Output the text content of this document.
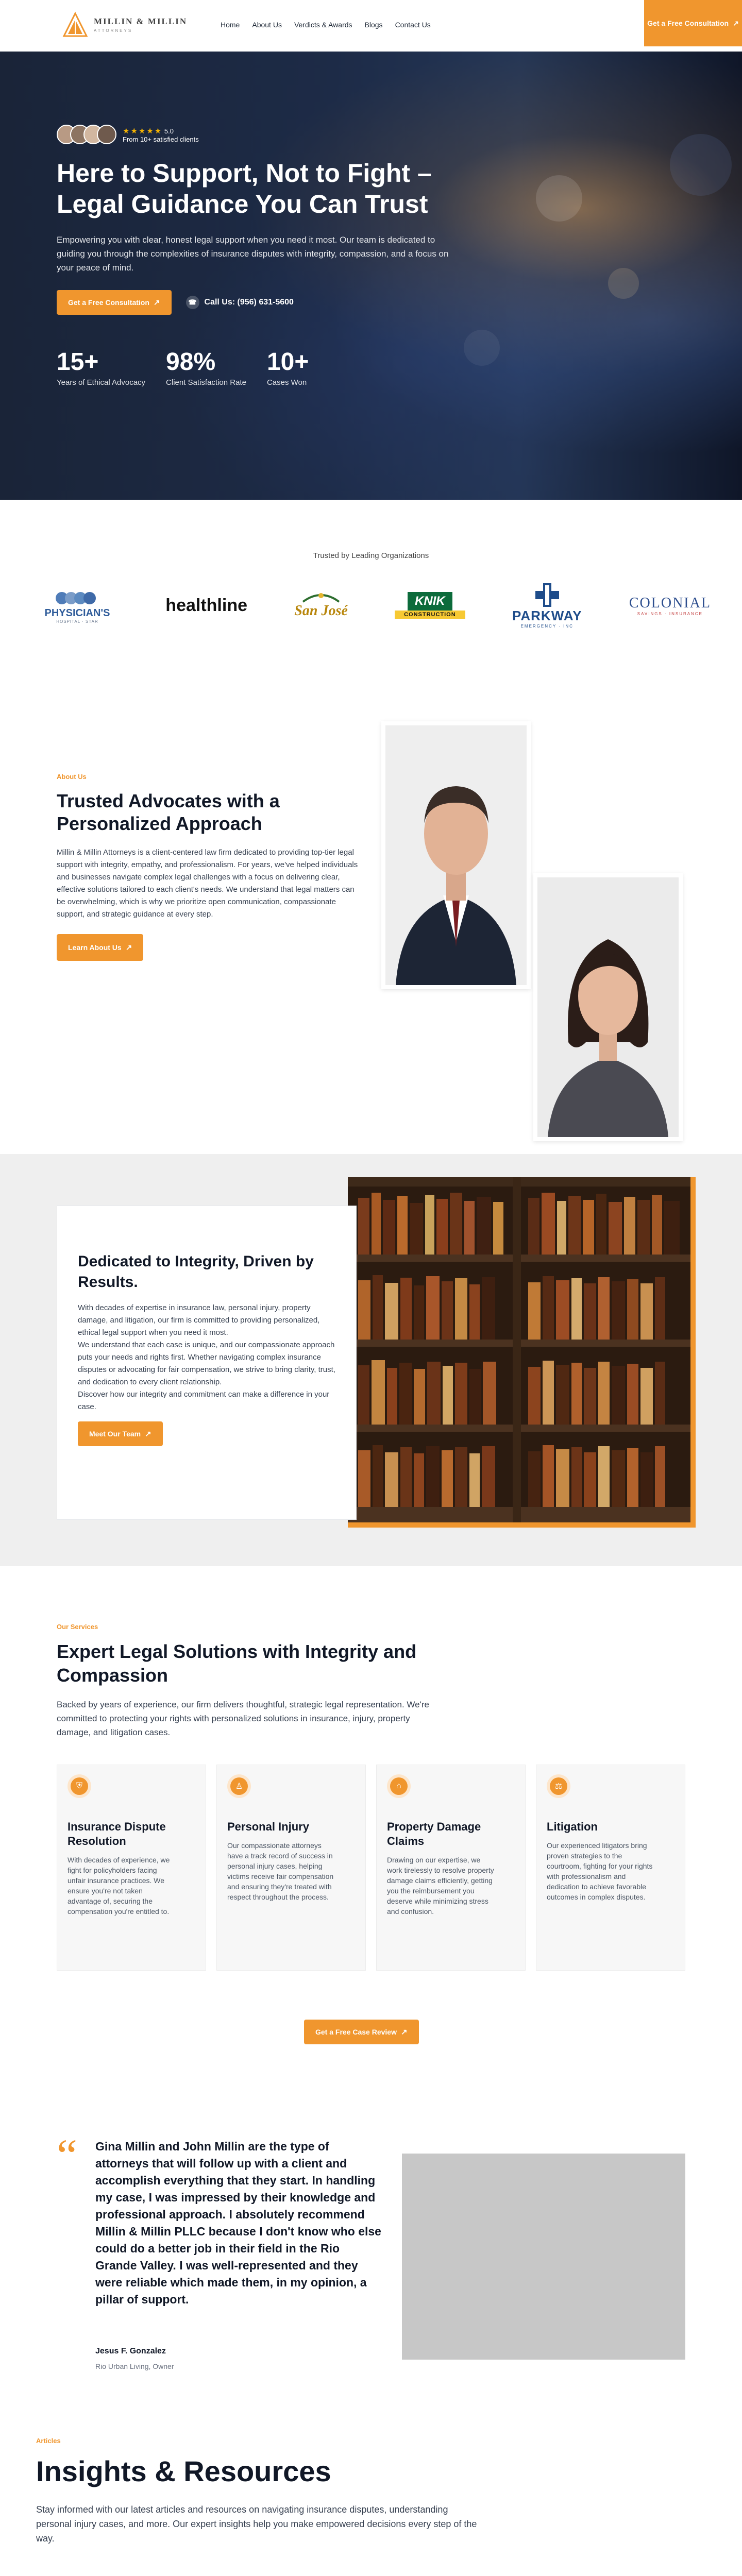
MILLIN & MILLIN
ATTORNEYS
Home About Us Verdicts & Awards Blogs Contact Us	Get a Free Consultation ↗
★★★★★ 5.0
From 10+ satisfied clients
Here to Support, Not to Fight – Legal Guidance You Can Trust

Empowering you with clear, honest legal support when you need it most. Our team is dedicated to guiding you through the complexities of insurance disputes with integrity, compassion, and a focus on your peace of mind.

Get a Free Consultation ↗	☎ Call Us: (956) 631-5600
15+
Years of Ethical Advocacy
98%
Client Satisfaction Rate
10+
Cases Won
Trusted by Leading Organizations
PHYSICIAN'S
HOSPITAL · STAR
healthline	San José
KNIK
CONSTRUCTION	PARKWAY
EMERGENCY · INC
COLONIAL
SAVINGS · INSURANCE
About Us
Trusted Advocates with a Personalized Approach

Millin & Millin Attorneys is a client-centered law firm dedicated to providing top-tier legal support with integrity, empathy, and professionalism. For years, we've helped individuals and businesses navigate complex legal challenges with a focus on delivering clear, effective solutions tailored to each client's needs. We understand that legal matters can be overwhelming, which is why we prioritize open communication, compassionate support, and strategic guidance at every step.

Learn About Us ↗
Dedicated to Integrity, Driven by Results.

With decades of expertise in insurance law, personal injury, property damage, and litigation, our firm is committed to providing personalized, ethical legal support when you need it most.

We understand that each case is unique, and our compassionate approach puts your needs and rights first. Whether navigating complex insurance disputes or advocating for fair compensation, we strive to bring clarity, trust, and dedication to every client relationship.

Discover how our integrity and commitment can make a difference in your case.

Meet Our Team ↗
Our Services
Expert Legal Solutions with Integrity and Compassion

Backed by years of experience, our firm delivers thoughtful, strategic legal representation. We're committed to protecting your rights with personalized solutions in insurance, injury, property damage, and litigation cases.

⛨
Insurance Dispute Resolution

With decades of experience, we fight for policyholders facing unfair insurance practices. We ensure you're not taken advantage of, securing the compensation you're entitled to.

♙
Personal Injury

Our compassionate attorneys have a track record of success in personal injury cases, helping victims receive fair compensation and ensuring they're treated with respect throughout the process.

⌂
Property Damage Claims

Drawing on our expertise, we work tirelessly to resolve property damage claims efficiently, getting you the reimbursement you deserve while minimizing stress and confusion.

⚖
Litigation

Our experienced litigators bring proven strategies to the courtroom, fighting for your rights with professionalism and dedication to achieve favorable outcomes in complex disputes.

Get a Free Case Review ↗
“ Gina Millin and John Millin are the type of attorneys that will follow up with a client and accomplish everything that they start. In handling my case, I was impressed by their knowledge and professional approach. I absolutely recommend Millin & Millin PLLC because I don't know who else could do a better job in their field in the Rio Grande Valley. I was well-represented and they were reliable which made them, in my opinion, a pillar of support.
Jesus F. Gonzalez
Rio Urban Living, Owner
Articles
Insights & Resources

Stay informed with our latest articles and resources on navigating insurance disputes, understanding personal injury cases, and more. Our expert insights help you make empowered decisions every step of the way.
